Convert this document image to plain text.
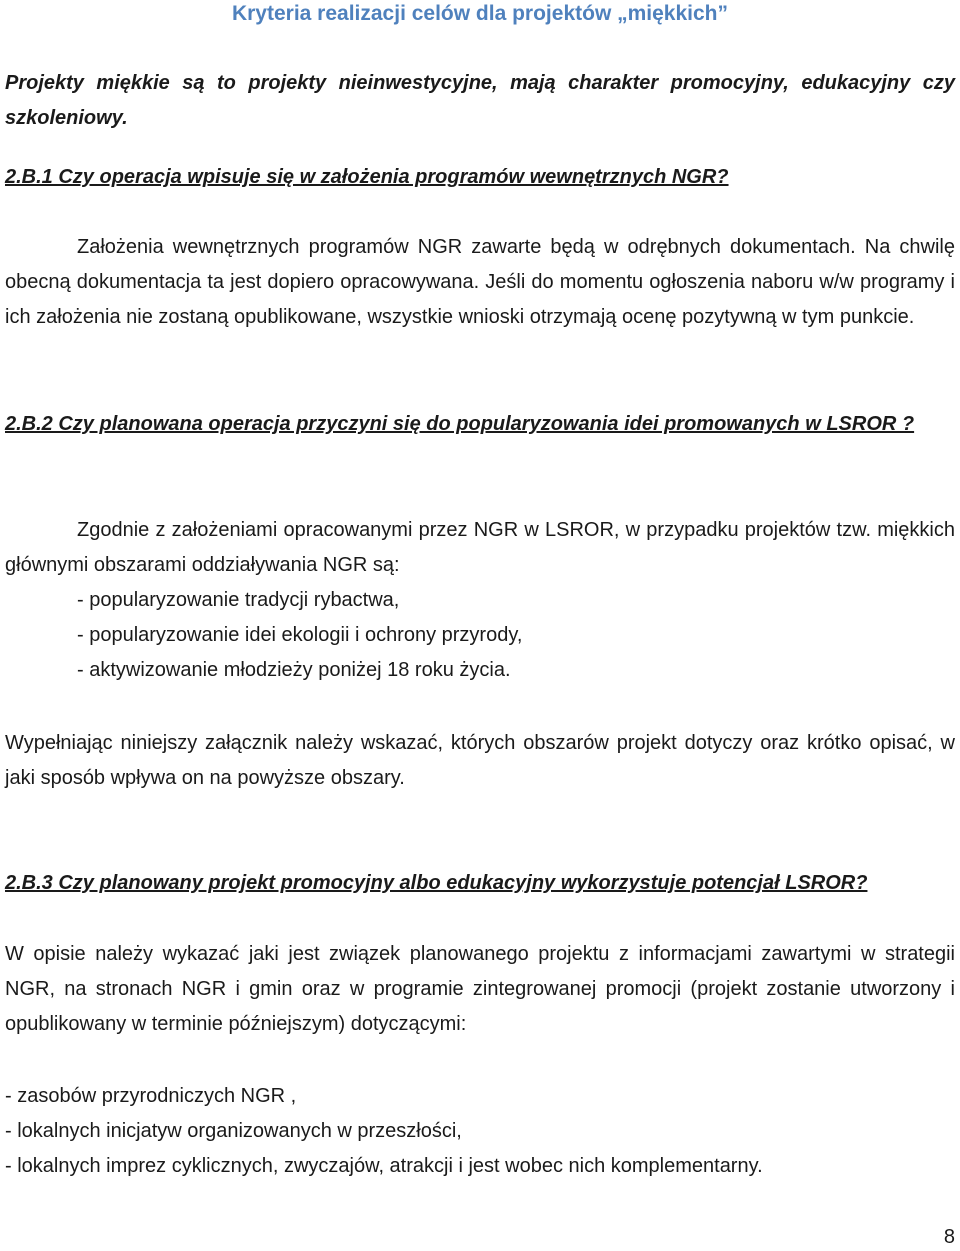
Kryteria realizacji celów dla projektów „miękkich”
Projekty miękkie są to projekty nieinwestycyjne, mają charakter promocyjny, edukacyjny czy szkoleniowy.
2.B.1 Czy operacja wpisuje się w założenia programów wewnętrznych NGR?
Założenia wewnętrznych programów NGR zawarte będą w odrębnych dokumentach. Na chwilę obecną dokumentacja ta jest dopiero opracowywana. Jeśli do momentu ogłoszenia naboru w/w programy i ich założenia nie zostaną opublikowane, wszystkie wnioski otrzymają ocenę pozytywną w tym punkcie.
2.B.2 Czy planowana operacja przyczyni się do popularyzowania idei promowanych w LSROR ?
Zgodnie z założeniami opracowanymi przez NGR w LSROR, w przypadku projektów tzw. miękkich głównymi obszarami oddziaływania NGR są:
- popularyzowanie tradycji rybactwa,
- popularyzowanie idei ekologii i ochrony przyrody,
- aktywizowanie młodzieży poniżej 18 roku życia.
Wypełniając niniejszy załącznik należy wskazać, których obszarów projekt dotyczy oraz krótko opisać, w jaki sposób wpływa on na powyższe obszary.
2.B.3 Czy planowany projekt promocyjny albo edukacyjny wykorzystuje potencjał LSROR?
W opisie należy wykazać jaki jest związek planowanego projektu z informacjami zawartymi w strategii NGR, na stronach NGR i gmin oraz w programie zintegrowanej promocji (projekt zostanie utworzony i opublikowany w terminie późniejszym) dotyczącymi:
- zasobów przyrodniczych NGR ,
- lokalnych inicjatyw organizowanych w przeszłości,
- lokalnych imprez cyklicznych, zwyczajów, atrakcji i jest wobec nich komplementarny.
8
